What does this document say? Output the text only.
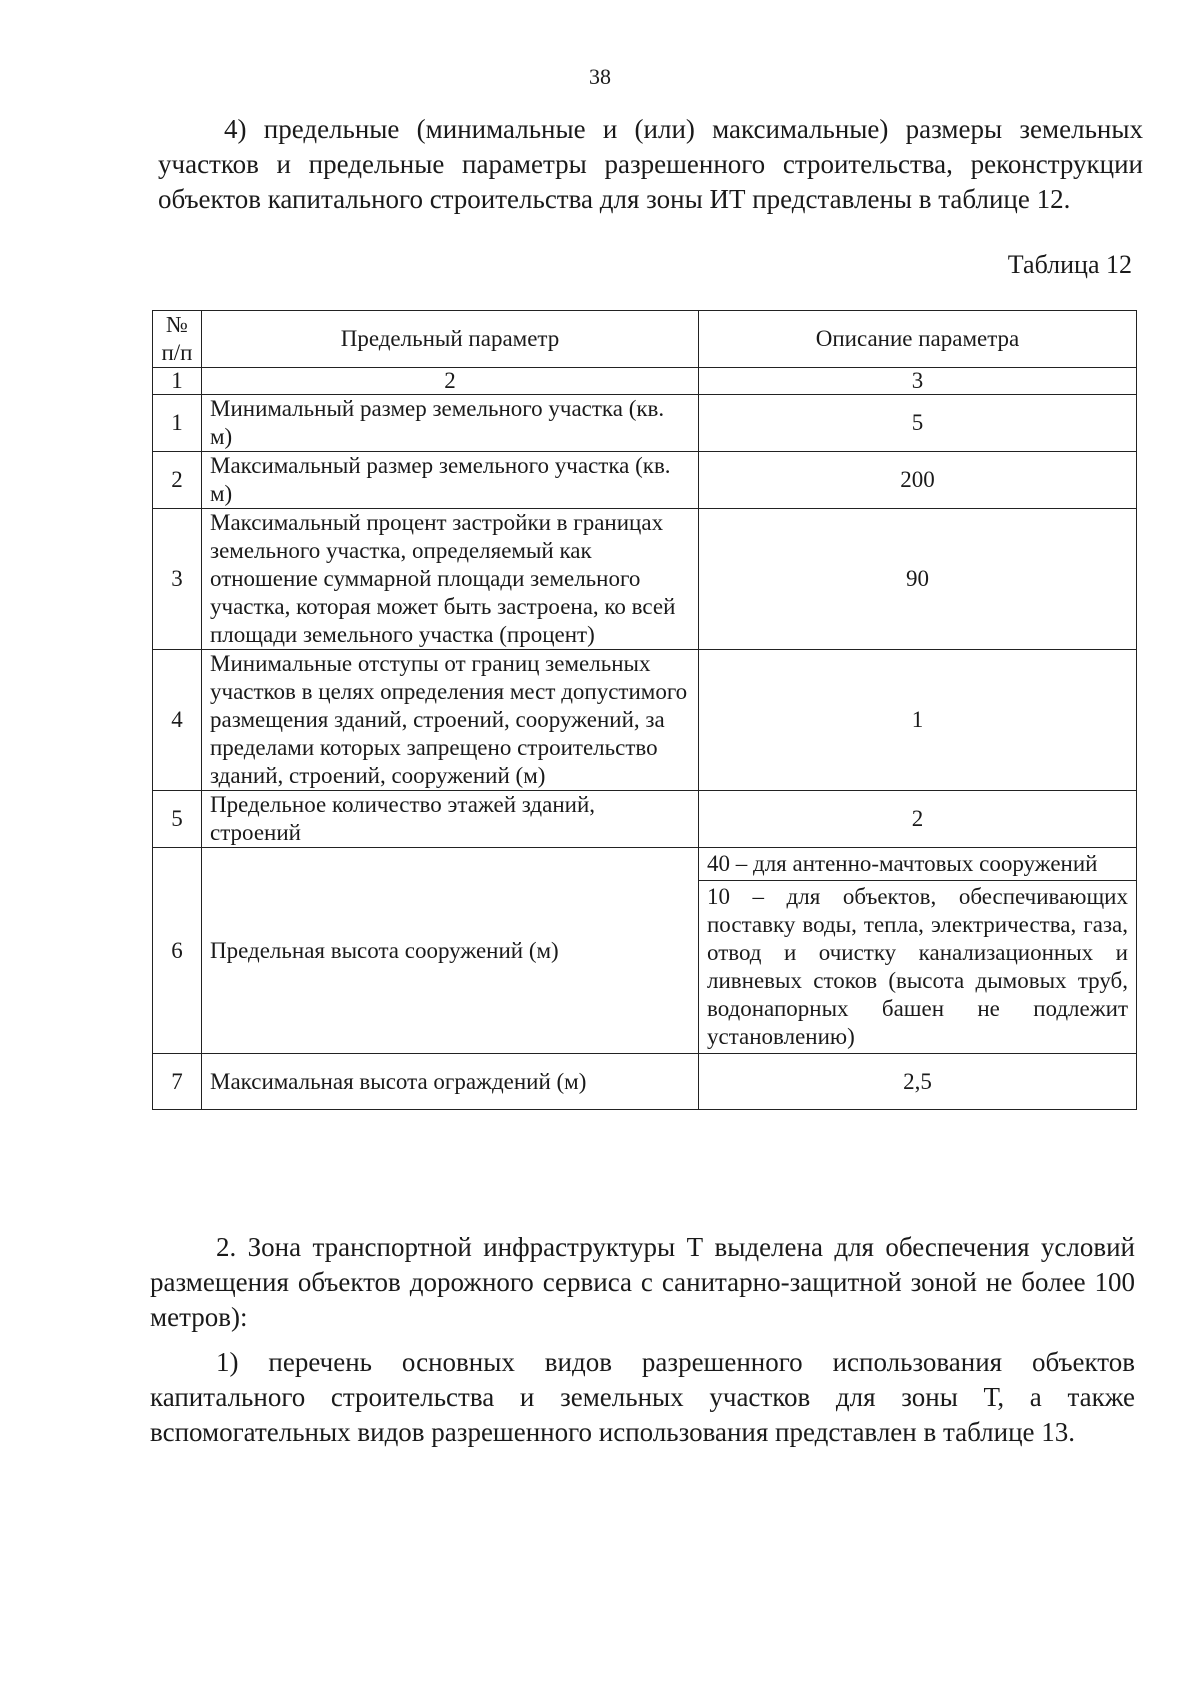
38
4) предельные (минимальные и (или) максимальные) размеры земельных участков и предельные параметры разрешенного строительства, реконструкции объектов капитального строительства для зоны ИТ представлены в таблице 12.
Таблица 12
№ п/п	Предельный параметр	Описание параметра
1	2	3
1	Минимальный размер земельного участка (кв. м)	5
2	Максимальный размер земельного участка (кв. м)	200
3	Максимальный процент застройки в границах земельного участка, определяемый как отношение суммарной площади земельного участка, которая может быть застроена, ко всей площади земельного участка (процент)	90
4	Минимальные отступы от границ земельных участков в целях определения мест допустимого размещения зданий, строений, сооружений, за пределами которых запрещено строительство зданий, строений, сооружений (м)	1
5	Предельное количество этажей зданий, строений	2
6	Предельная высота сооружений (м)	40 – для антенно-мачтовых сооружений
10 – для объектов, обеспечивающих поставку воды, тепла, электричества, газа, отвод и очистку канализационных и ливневых стоков (высота дымовых труб, водонапорных башен не подлежит установлению)

7	Максимальная высота ограждений (м)	2,5
2. Зона транспортной инфраструктуры Т выделена для обеспечения условий размещения объектов дорожного сервиса с санитарно-защитной зоной не более 100 метров):
1) перечень основных видов разрешенного использования объектов капитального строительства и земельных участков для зоны Т, а также вспомогательных видов разрешенного использования представлен в таблице 13.
